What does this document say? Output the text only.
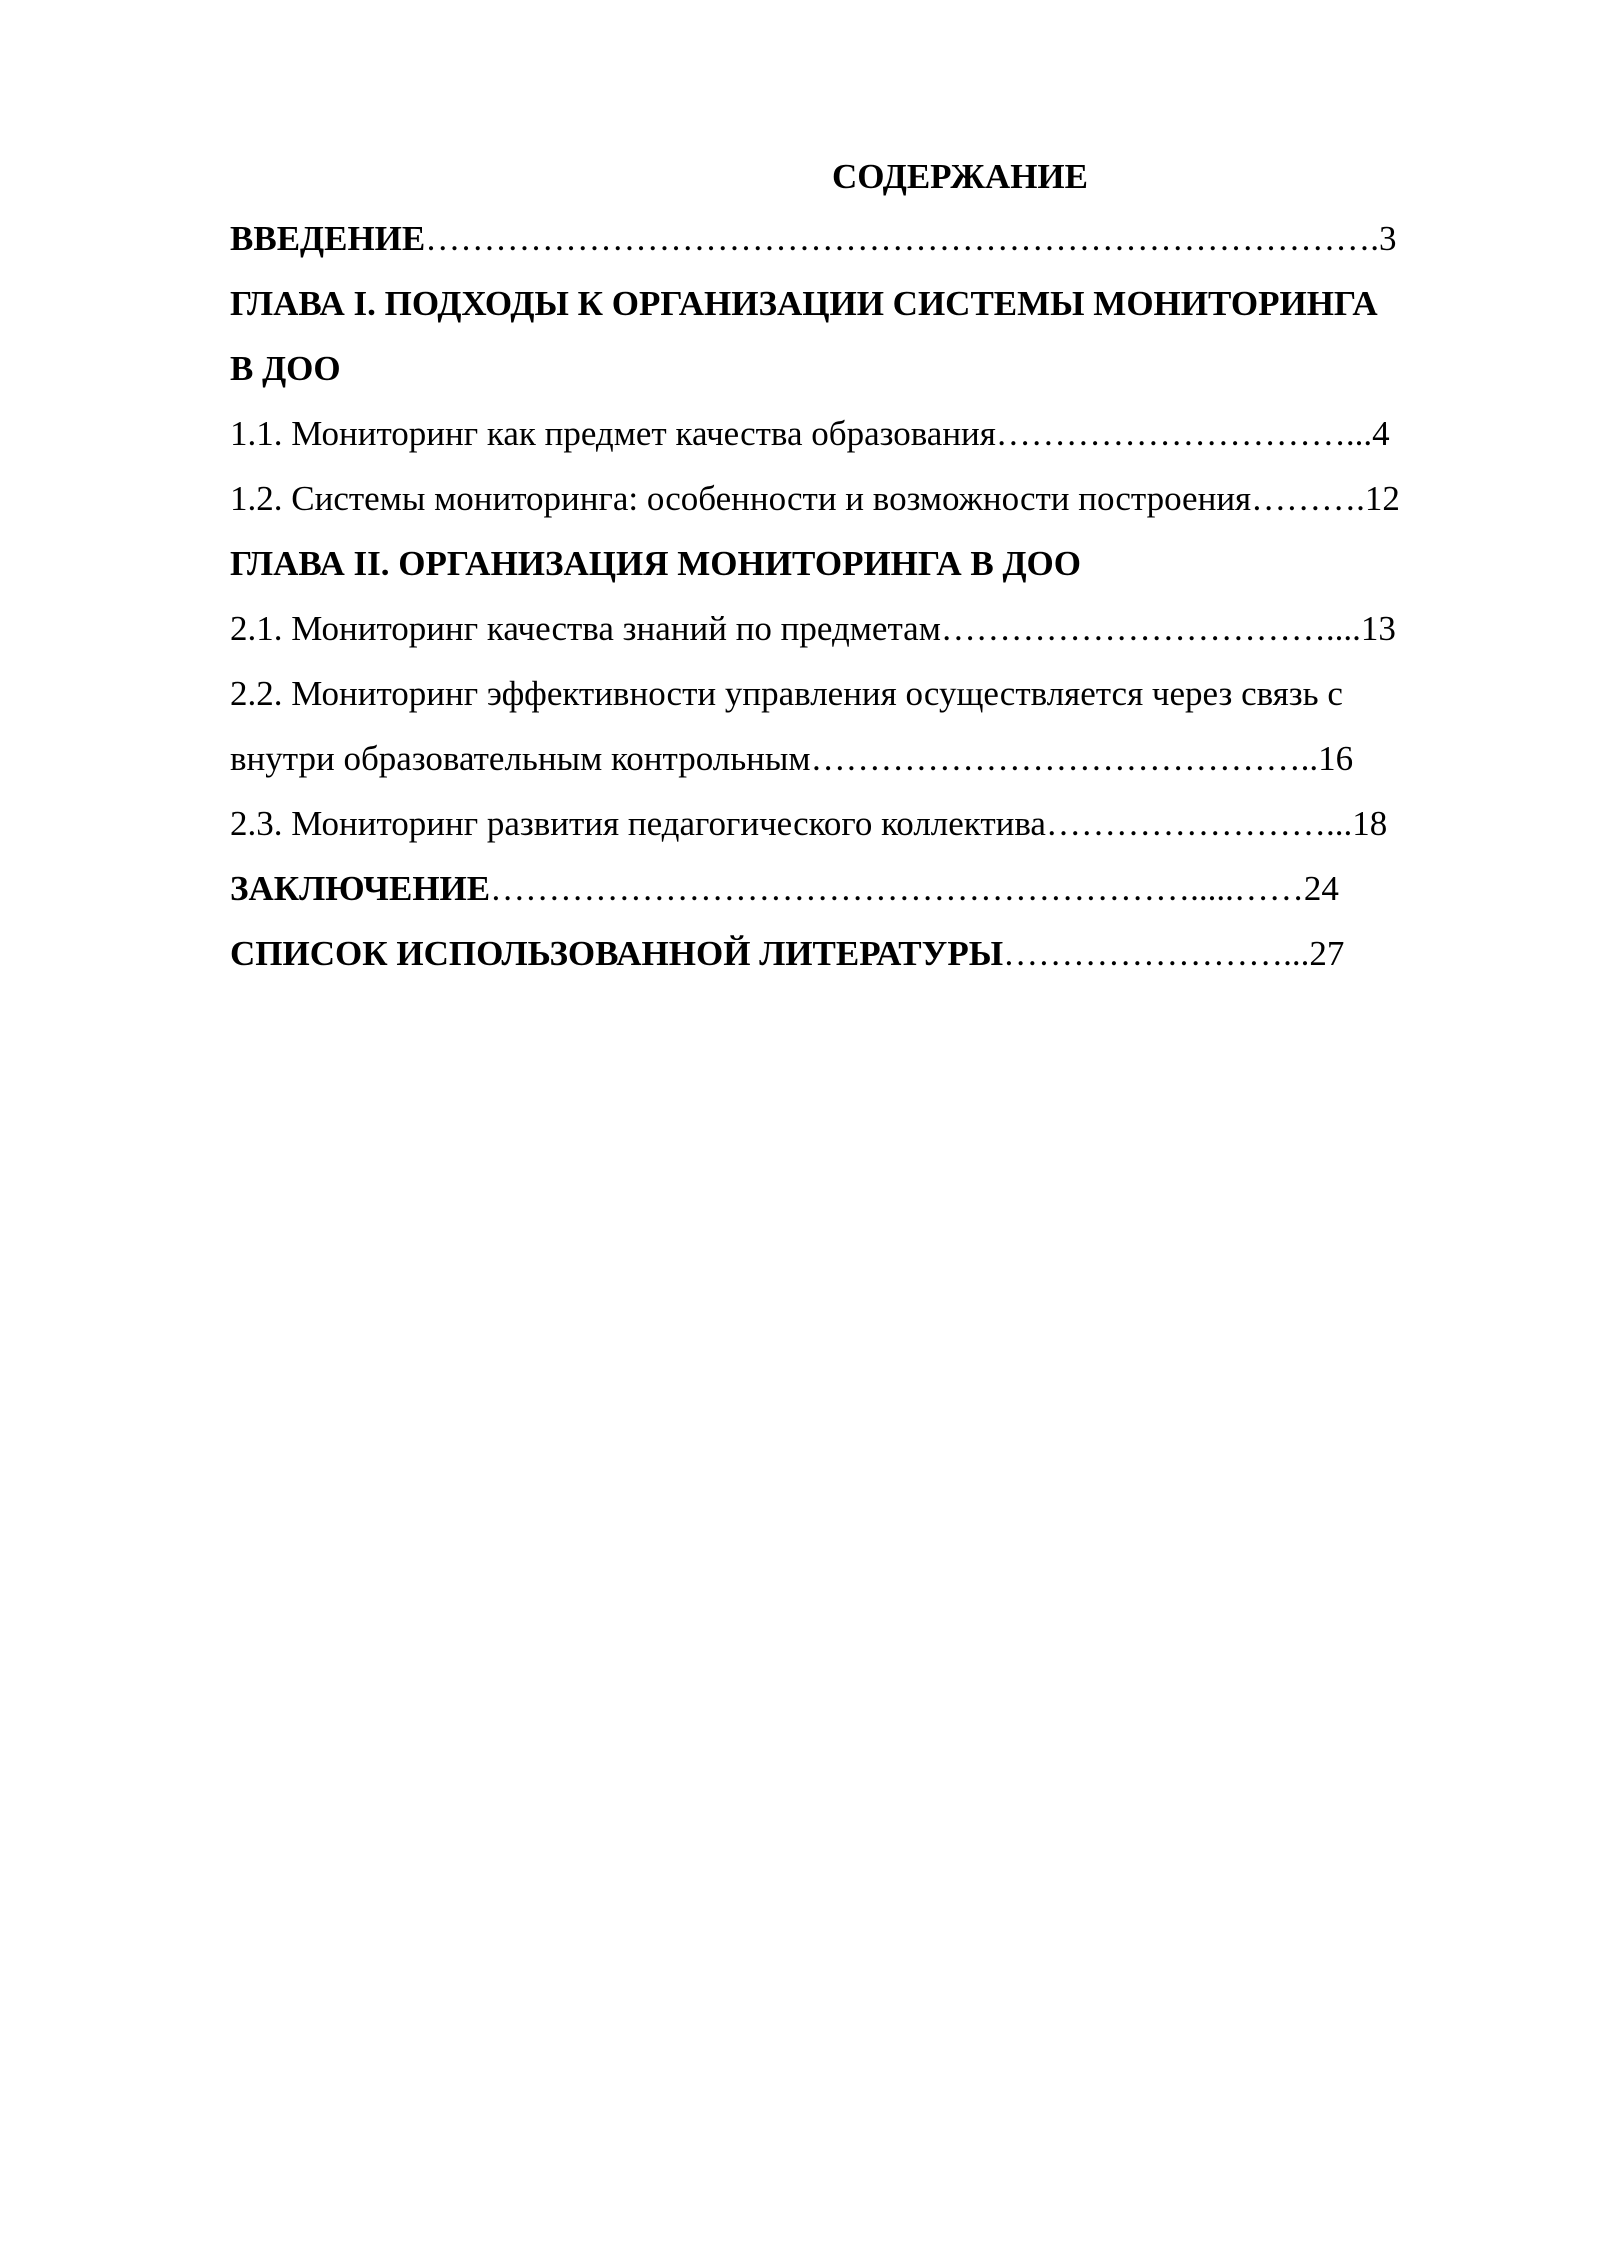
СОДЕРЖАНИЕ
ВВЕДЕНИЕ……………………………………………………………………….3
ГЛАВА I. ПОДХОДЫ К ОРГАНИЗАЦИИ СИСТЕМЫ МОНИТОРИНГА
В ДОО
1.1. Мониторинг как предмет качества образования…………………………...4
1.2. Системы мониторинга: особенности и возможности построения……….12
ГЛАВА II. ОРГАНИЗАЦИЯ МОНИТОРИНГА В ДОО
2.1. Мониторинг качества знаний по предметам……………………………....13
2.2. Мониторинг эффективности управления осуществляется через связь с
внутри образовательным контрольным……………………………………..16
2.3. Мониторинг развития педагогического коллектива……………………...18
ЗАКЛЮЧЕНИЕ…………………………………………………….....……24
СПИСОК ИСПОЛЬЗОВАННОЙ ЛИТЕРАТУРЫ……………………...27
